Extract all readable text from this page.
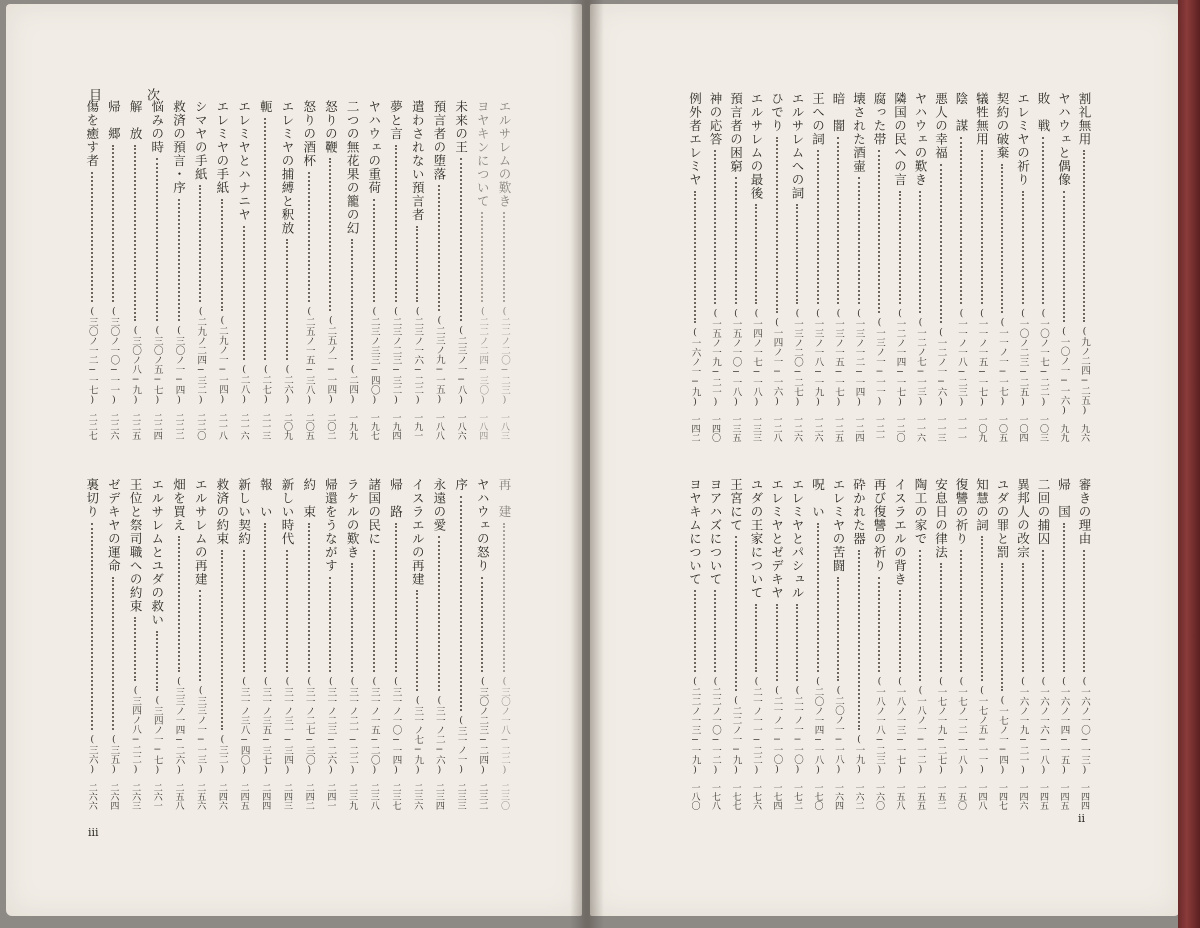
目	次
iii
ii
割礼無用
(九ノ二四−二五)
九六
ヤハウェと偶像
(一〇ノ一−一六)
九九
敗　戦
(一〇ノ一七−二二)
一〇三
エレミヤの祈り
(一〇ノ二三−二五)
一〇四
契約の破棄
(一一ノ一−一七)
一〇五
犠牲無用
(一一ノ一五−一七)
一〇九
陰　謀
(一一ノ一八−二三)
一一一
悪人の幸福
(一二ノ一−六)
一一三
ヤハウェの歎き
(一二ノ七−一三)
一一六
隣国の民への言
(一二ノ一四−一七)
一二〇
腐った帯
(一三ノ一−一一)
一二一
壊された酒壷
(一三ノ一二−一四)
一二四
暗　闇
(一三ノ一五−一七)
一二五
王への詞
(一三ノ一八−一九)
一二六
エルサレムへの詞
(一三ノ二〇−二七)
一二六
ひでり
(一四ノ一−一六)
一二八
エルサレムの最後
(一四ノ一七−一八)
一三三
預言者の困窮
(一五ノ一〇−一八)
一三五
神の応答
(一五ノ一九−二一)
一四〇
例外者エレミヤ
(一六ノ一−九)
一四二
審きの理由
(一六ノ一〇−一三)
一四四
帰　国
(一六ノ一四−一五)
一四五
二回の捕囚
(一六ノ一六−一八)
一四五
異邦人の改宗
(一六ノ一九−二一)
一四六
ユダの罪と罰
(一七ノ一−四)
一四七
知慧の詞
(一七ノ五−一一)
一四八
復讐の祈り
(一七ノ一二−一八)
一五〇
安息日の律法
(一七ノ一九−二七)
一五二
陶工の家で
(一八ノ一−一二)
一五五
イスラエルの背き
(一八ノ一三−一七)
一五八
再び復讐の祈り
(一八ノ一八−二三)
一六〇
砕かれた器
(一九)
一六二
エレミヤの苦闘
(二〇ノ一−一八)
一六四
呪　い
(二〇ノ一四−一八)
一七〇
エレミヤとパシュル
(二一ノ一−一〇)
一七二
エレミヤとゼデキヤ
(二一ノ一−一〇)
一七四
ユダの王家について
(二一ノ一一−二二)
一七六
王宮にて
(二二ノ一−九)
一七七
ヨアハズについて
(二二ノ一〇−一二)
一七八
ヨヤキムについて
(二二ノ一三−一九)
一八〇
エルサレムの歎き
(二二ノ二〇−二三)
一八三
ヨヤキンについて
(二二ノ二四−三〇)
一八四
未来の王
(二三ノ一−八)
一八六
預言者の堕落
(二三ノ九−一五)
一八八
遣わされない預言者
(二三ノ一六−二二)
一九一
夢と言
(二三ノ二三−三二)
一九四
ヤハウェの重荷
(二三ノ三三−四〇)
一九七
二つの無花果の籠の幻
(二四)
一九九
怒りの鞭
(二五ノ一−一四)
二〇二
怒りの酒杯
(二五ノ一五−三八)
二〇五
エレミヤの捕縛と釈放
(二六)
二〇九
軛
(二七)
二一三
エレミヤとハナニヤ
(二八)
二一六
エレミヤの手紙
(二九ノ一−一四)
二一八
シマヤの手紙
(二九ノ二四−三二)
二二〇
救済の預言・序
(三〇ノ一−四)
二二二
悩みの時
(三〇ノ五−七)
二二四
解　放
(三〇ノ八−九)
二二五
帰　郷
(三〇ノ一〇−一一)
二二六
傷を癒す者
(三〇ノ一二−一七)
二二七
再　建
(三〇ノ一八−二二)
二三〇
ヤハウェの怒り
(三〇ノ二三−二四)
二三二
序
(三一ノ一)
二三三
永遠の愛
(三一ノ二−六)
二三四
イスラエルの再建
(三一ノ七−九)
二三六
帰　路
(三一ノ一〇−一四)
二三七
諸国の民に
(三一ノ一五−二〇)
二三八
ラケルの歎き
(三一ノ二一−二二)
二三九
帰還をうながす
(三一ノ二三−二六)
二四一
約　束
(三一ノ二七−三〇)
二四二
新しい時代
(三一ノ三一−三四)
二四三
報　い
(三一ノ三五−三七)
二四四
新しい契約
(三一ノ三八−四〇)
二四五
救済の約束
(三二)
二四六
エルサレムの再建
(三三ノ一−一三)
二五六
畑を買え
(三三ノ一四−二六)
二五八
エルサレムとユダの救い
(三四ノ一−七)
二六一
王位と祭司職への約束
(三四ノ八−二二)
二六三
ゼデキヤの運命
(三五)
二六四
裏切り
(三六)
二六六
